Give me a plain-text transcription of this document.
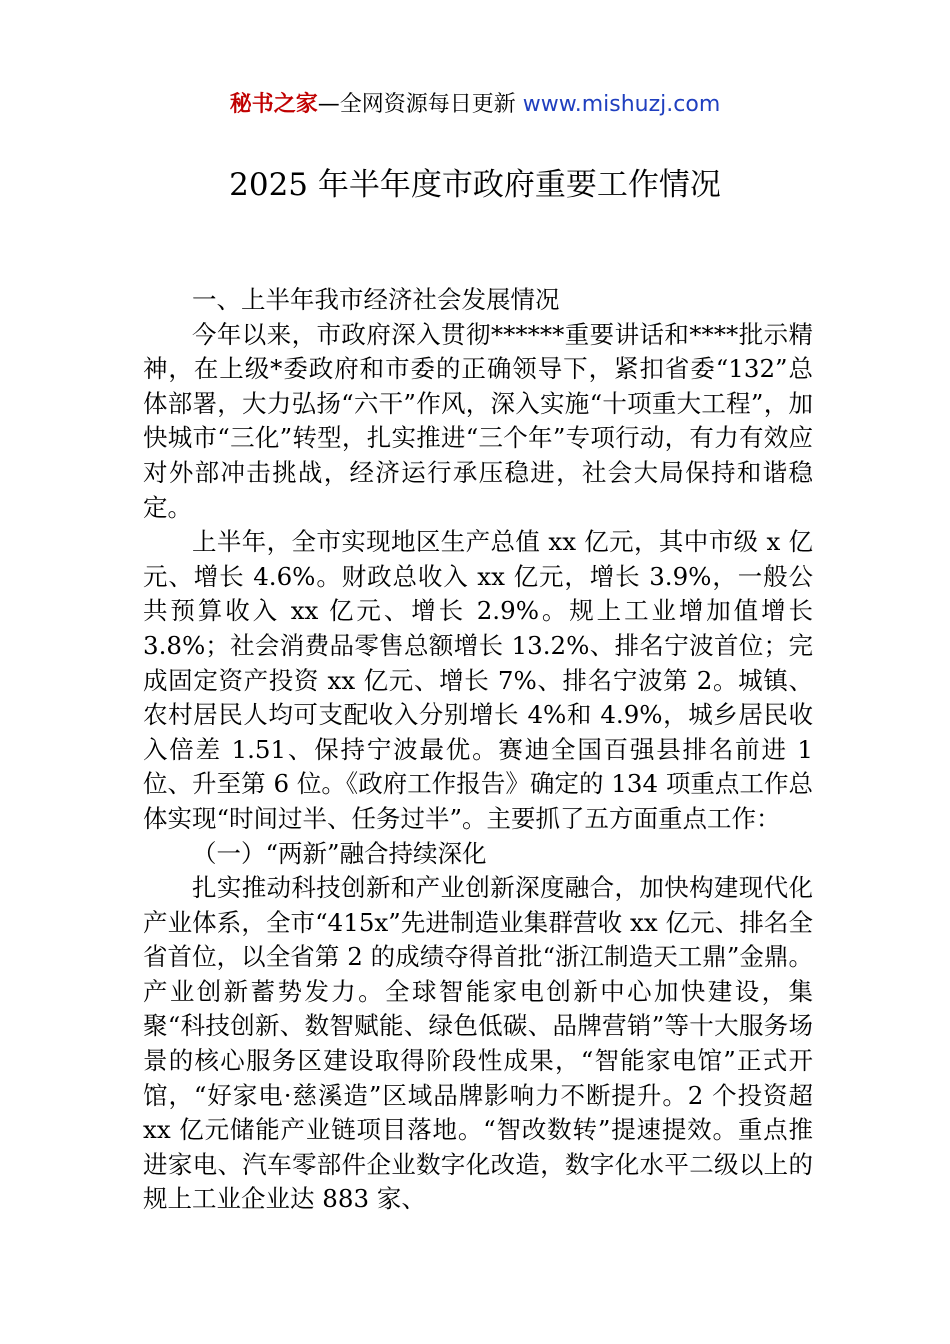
秘书之家—全网资源每日更新 www.mishuzj.com
2025 年半年度市政府重要工作情况

一、上半年我市经济社会发展情况

今年以来，市政府深入贯彻******重要讲话和****批示精神，在上级*委政府和市委的正确领导下，紧扣省委“132”总体部署，大力弘扬“六干”作风，深入实施“十项重大工程”，加快城市“三化”转型，扎实推进“三个年”专项行动，有力有效应对外部冲击挑战，经济运行承压稳进，社会大局保持和谐稳定。

上半年，全市实现地区生产总值 xx 亿元，其中市级 x 亿元、增长 4.6%。财政总收入 xx 亿元，增长 3.9%，一般公共预算收入 xx 亿元、增长 2.9%。规上工业增加值增长 3.8%；社会消费品零售总额增长 13.2%、排名宁波首位；完成固定资产投资 xx 亿元、增长 7%、排名宁波第 2。城镇、农村居民人均可支配收入分别增长 4%和 4.9%，城乡居民收入倍差 1.51、保持宁波最优。赛迪全国百强县排名前进 1 位、升至第 6 位。《政府工作报告》确定的 134 项重点工作总体实现“时间过半、任务过半”。主要抓了五方面重点工作：

（一）“两新”融合持续深化

扎实推动科技创新和产业创新深度融合，加快构建现代化产业体系，全市“415x”先进制造业集群营收 xx 亿元、排名全省首位，以全省第 2 的成绩夺得首批“浙江制造天工鼎”金鼎。产业创新蓄势发力。全球智能家电创新中心加快建设，集聚“科技创新、数智赋能、绿色低碳、品牌营销”等十大服务场景的核心服务区建设取得阶段性成果，“智能家电馆”正式开馆，“好家电·慈溪造”区域品牌影响力不断提升。2 个投资超 xx 亿元储能产业链项目落地。“智改数转”提速提效。重点推进家电、汽车零部件企业数字化改造，数字化水平二级以上的规上工业企业达 883 家、
